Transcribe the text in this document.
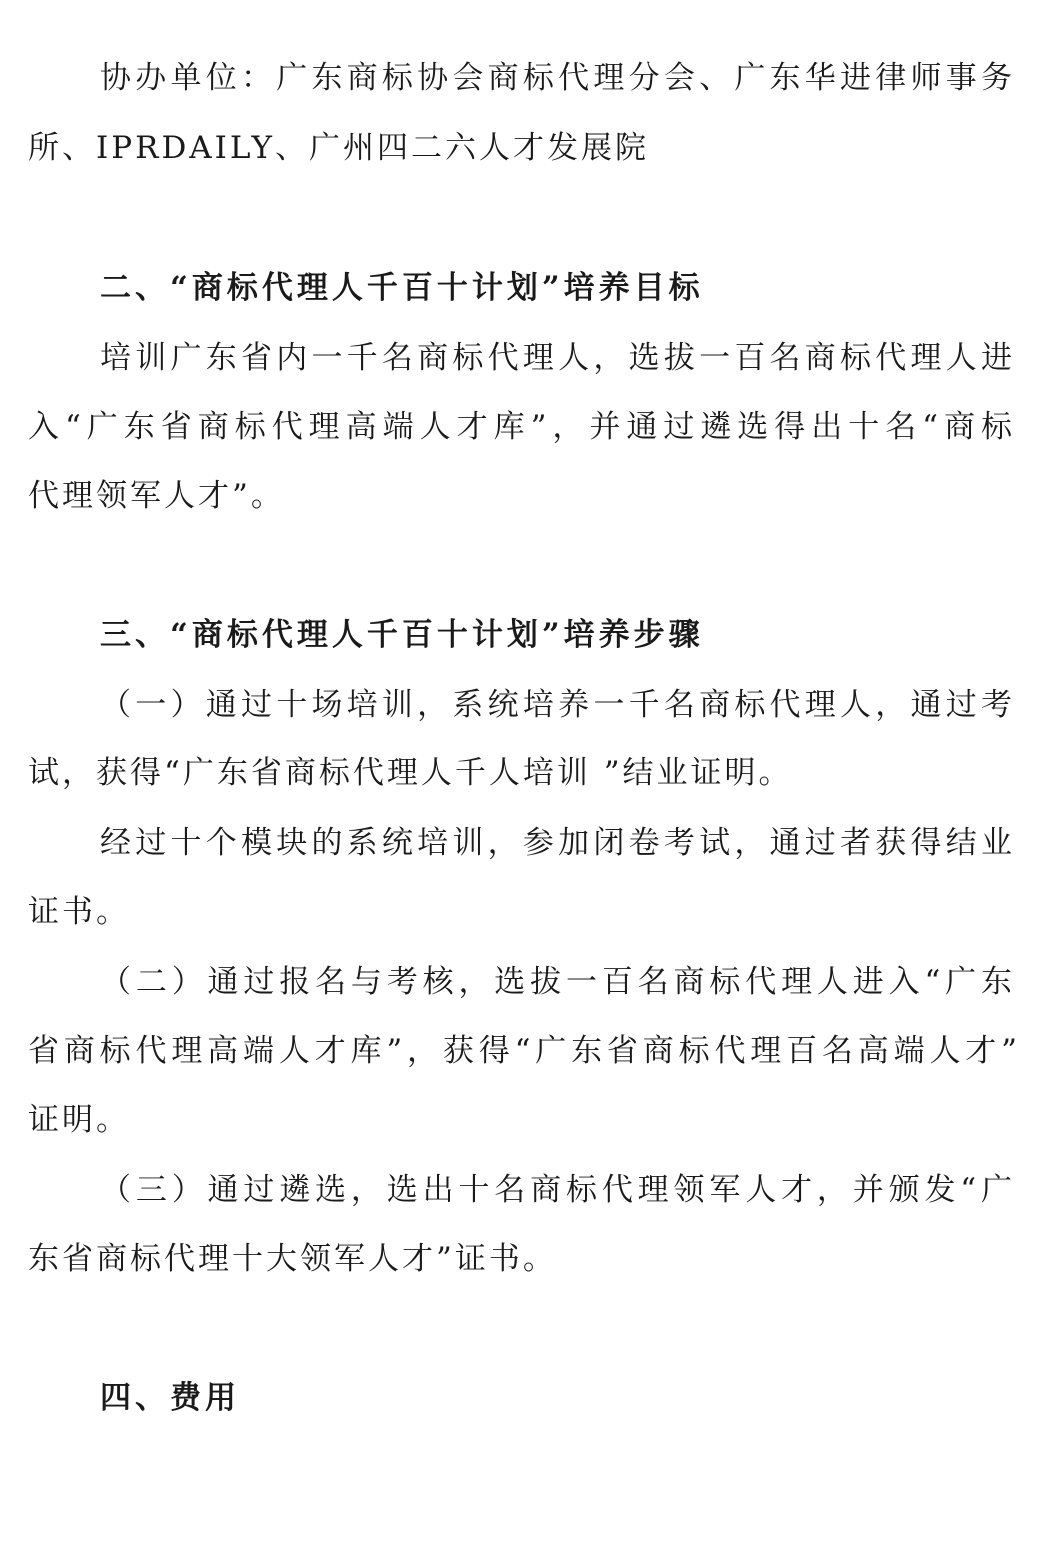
协办单位：广东商标协会商标代理分会、广东华进律师事务
所、IPRDAILY、广州四二六人才发展院
二、“商标代理人千百十计划”培养目标
培训广东省内一千名商标代理人，选拔一百名商标代理人进
入“广东省商标代理高端人才库”，并通过遴选得出十名“商标
代理领军人才”。
三、“商标代理人千百十计划”培养步骤
（一）通过十场培训，系统培养一千名商标代理人，通过考
试，获得“广东省商标代理人千人培训 ”结业证明。
经过十个模块的系统培训，参加闭卷考试，通过者获得结业
证书。
（二）通过报名与考核，选拔一百名商标代理人进入“广东
省商标代理高端人才库”，获得“广东省商标代理百名高端人才”
证明。
（三）通过遴选，选出十名商标代理领军人才，并颁发“广
东省商标代理十大领军人才”证书。
四、费用
